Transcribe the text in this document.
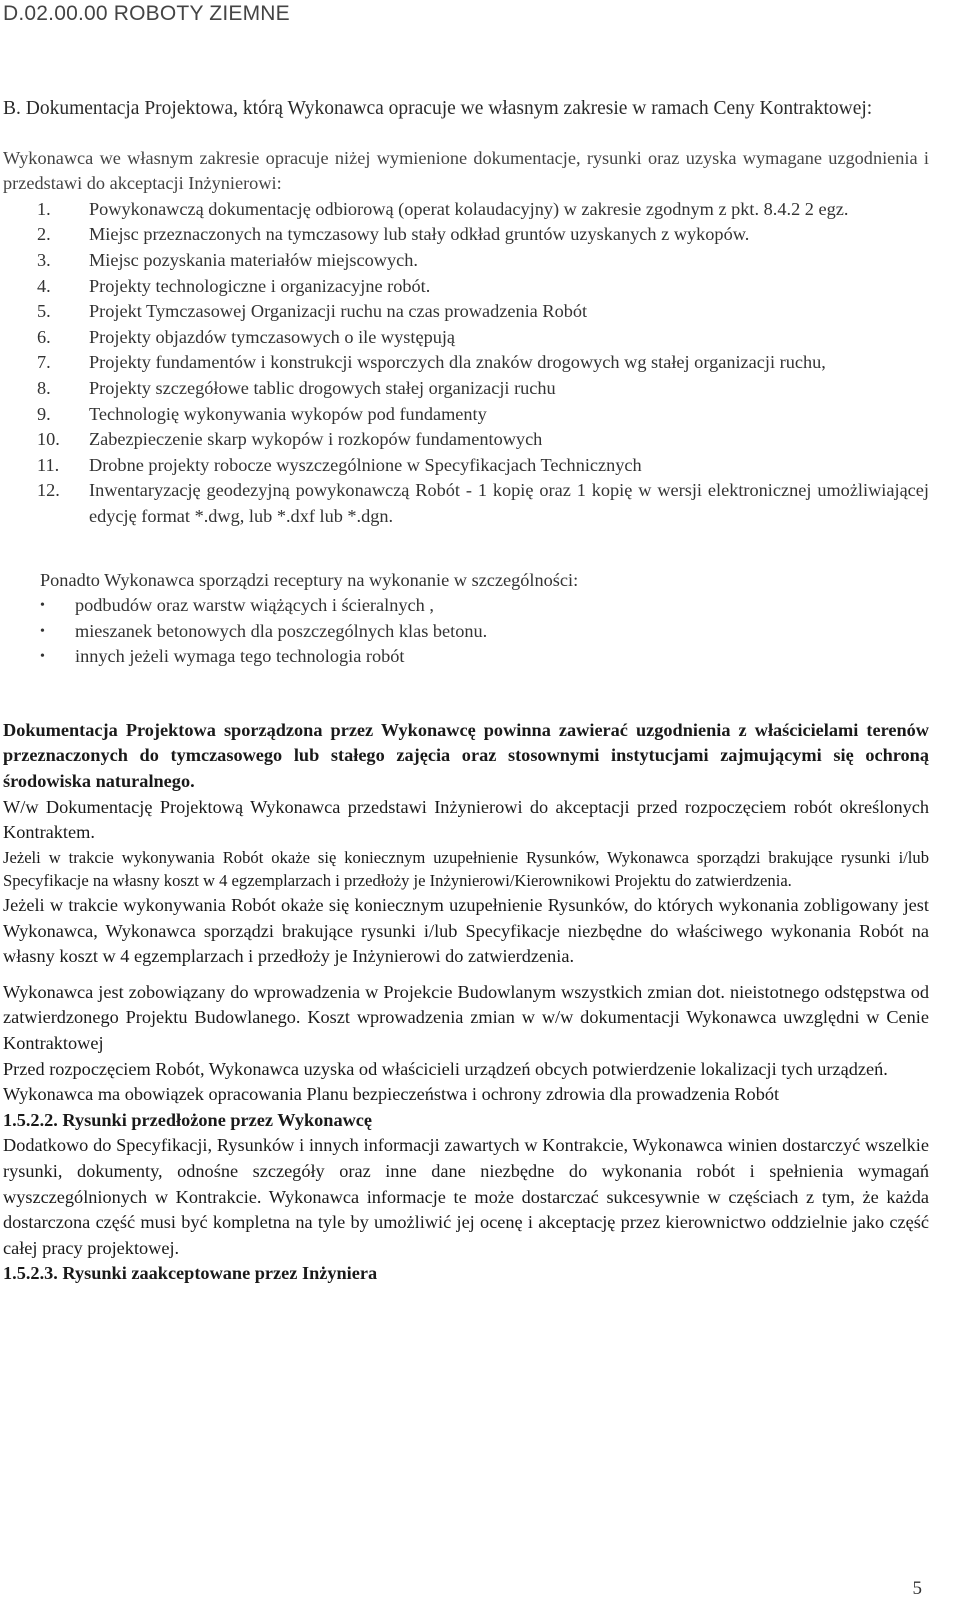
D.02.00.00 ROBOTY ZIEMNE

B. Dokumentacja Projektowa, którą Wykonawca opracuje we własnym zakresie w ramach Ceny Kontraktowej:

Wykonawca we własnym zakresie opracuje niżej wymienione dokumentacje, rysunki oraz uzyska wymagane uzgodnienia i przedstawi do akceptacji Inżynierowi:

1.	Powykonawczą dokumentację odbiorową (operat kolaudacyjny) w zakresie zgodnym z pkt. 8.4.2 2 egz.
2.	Miejsc przeznaczonych na tymczasowy lub stały odkład gruntów uzyskanych z wykopów.
3.	Miejsc pozyskania materiałów miejscowych.
4.	Projekty technologiczne i organizacyjne robót.
5.	Projekt Tymczasowej Organizacji ruchu na czas prowadzenia Robót
6.	Projekty objazdów tymczasowych o ile występują
7.	Projekty fundamentów i konstrukcji wsporczych dla znaków drogowych wg stałej organizacji ruchu,
8.	Projekty szczegółowe tablic drogowych stałej organizacji ruchu
9.	Technologię wykonywania wykopów pod fundamenty
10.	Zabezpieczenie skarp wykopów i rozkopów fundamentowych
11.	Drobne projekty robocze wyszczególnione w Specyfikacjach Technicznych
12.	Inwentaryzację geodezyjną powykonawczą Robót - 1 kopię oraz 1 kopię w wersji elektronicznej umożliwiającej edycję format *.dwg, lub *.dxf lub *.dgn.

Ponadto Wykonawca sporządzi receptury na wykonanie w szczególności:

•	podbudów oraz warstw wiążących i ścieralnych ,
•	mieszanek betonowych dla poszczególnych klas betonu.
•	innych jeżeli wymaga tego technologia robót

Dokumentacja Projektowa sporządzona przez Wykonawcę powinna zawierać uzgodnienia z właścicielami terenów przeznaczonych do tymczasowego lub stałego zajęcia oraz stosownymi instytucjami zajmującymi się ochroną środowiska naturalnego.

W/w Dokumentację Projektową Wykonawca przedstawi Inżynierowi do akceptacji przed rozpoczęciem robót określonych Kontraktem.

Jeżeli w trakcie wykonywania Robót okaże się koniecznym uzupełnienie Rysunków, Wykonawca sporządzi brakujące rysunki i/lub Specyfikacje na własny koszt w 4 egzemplarzach i przedłoży je Inżynierowi/Kierownikowi Projektu do zatwierdzenia.

Jeżeli w trakcie wykonywania Robót okaże się koniecznym uzupełnienie Rysunków, do których wykonania zobligowany jest Wykonawca, Wykonawca sporządzi brakujące rysunki i/lub Specyfikacje niezbędne do właściwego wykonania Robót na własny koszt w 4 egzemplarzach i przedłoży je Inżynierowi do zatwierdzenia.

Wykonawca jest zobowiązany do wprowadzenia w Projekcie Budowlanym wszystkich zmian dot. nieistotnego odstępstwa od zatwierdzonego Projektu Budowlanego. Koszt wprowadzenia zmian w w/w dokumentacji Wykonawca uwzględni w Cenie Kontraktowej

Przed rozpoczęciem Robót, Wykonawca uzyska od właścicieli urządzeń obcych potwierdzenie lokalizacji tych urządzeń.

Wykonawca ma obowiązek opracowania Planu bezpieczeństwa i ochrony zdrowia dla prowadzenia Robót

1.5.2.2. Rysunki przedłożone przez Wykonawcę

Dodatkowo do Specyfikacji, Rysunków i innych informacji zawartych w Kontrakcie, Wykonawca winien dostarczyć wszelkie rysunki, dokumenty, odnośne szczegóły oraz inne dane niezbędne do wykonania robót i spełnienia wymagań wyszczególnionych w Kontrakcie. Wykonawca informacje te może dostarczać sukcesywnie w częściach z tym, że każda dostarczona część musi być kompletna na tyle by umożliwić jej ocenę i akceptację przez kierownictwo oddzielnie jako część całej pracy projektowej.

1.5.2.3. Rysunki zaakceptowane przez Inżyniera

5
